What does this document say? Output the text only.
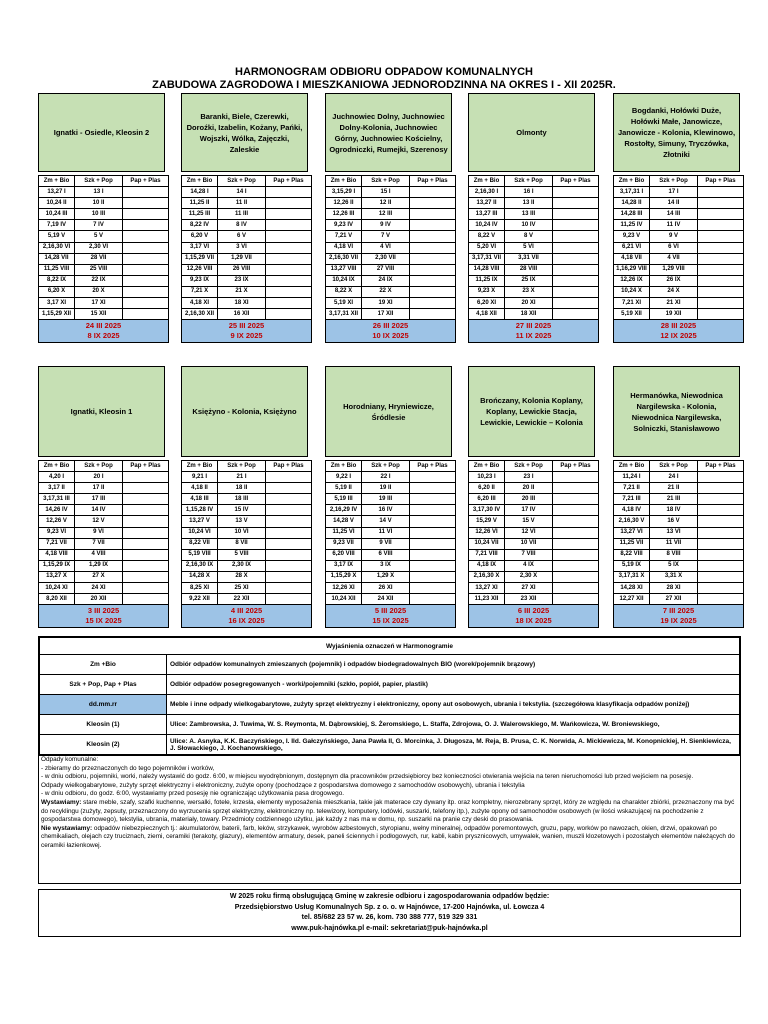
HARMONOGRAM ODBIORU ODPADOW KOMUNALNYCH
ZABUDOWA ZAGRODOWA I MIESZKANIOWA JEDNORODZINNA NA OKRES I - XII 2025R.
Ignatki - Osiedle, Kleosin 2
Zm + Bio	Szk + Pop	Pap + Plas
13,27 I	13 I	
10,24 II	10 II	
10,24 III	10 III	
7,19 IV	7 IV	
5,19 V	5 V	
2,16,30 VI	2,30 VI	
14,28 VII	28 VII	
11,25 VIII	25 VIII	
8,22 IX	22 IX	
6,20 X	20 X	
3,17 XI	17 XI	
1,15,29 XII	15 XII	

24 III 2025
8 IX 2025		
Baranki, Biele, Czerewki, Doroźki, Izabelin, Kożany, Pańki, Wojszki, Wólka, Zajęczki, Zaleskie
Zm + Bio	Szk + Pop	Pap + Plas
14,28 I	14 I	
11,25 II	11 II	
11,25 III	11 III	
8,22 IV	8 IV	
6,20 V	6 V	
3,17 VI	3 VI	
1,15,29 VII	1,29 VII	
12,26 VIII	26 VIII	
9,23 IX	23 IX	
7,21 X	21 X	
4,18 XI	18 XI	
2,16,30 XII	16 XII	

25 III 2025
9 IX 2025		
Juchnowiec Dolny, Juchnowiec Dolny-Kolonia, Juchnowiec Górny, Juchnowiec Kościelny, Ogrodniczki, Rumejki, Szerenosy
Zm + Bio	Szk + Pop	Pap + Plas
3,15,29 I	15 I	
12,26 II	12 II	
12,26 III	12 III	
9,23 IV	9 IV	
7,21 V	7 V	
4,18 VI	4 VI	
2,16,30 VII	2,30 VII	
13,27 VIII	27 VIII	
10,24 IX	24 IX	
8,22 X	22 X	
5,19 XI	19 XI	
3,17,31 XII	17 XII	

26 III 2025
10 IX 2025		
Olmonty
Zm + Bio	Szk + Pop	Pap + Plas
2,16,30 I	16 I	
13,27 II	13 II	
13,27 III	13 III	
10,24 IV	10 IV	
8,22 V	8 V	
5,20 VI	5 VI	
3,17,31 VII	3,31 VII	
14,28 VIII	28 VIII	
11,25 IX	25 IX	
9,23 X	23 X	
6,20 XI	20 XI	
4,18 XII	18 XII	

27 III 2025
11 IX 2025		
Bogdanki, Hołówki Duże, Hołówki Małe, Janowicze, Janowicze - Kolonia, Klewinowo, Rostołty, Simuny, Tryczówka, Złotniki
Zm + Bio	Szk + Pop	Pap + Plas
3,17,31 I	17 I	
14,28 II	14 II	
14,28 III	14 III	
11,25 IV	11 IV	
9,23 V	9 V	
6,21 VI	6 VI	
4,18 VII	4 VII	
1,16,29 VIII	1,29 VIII	
12,26 IX	26 IX	
10,24 X	24 X	
7,21 XI	21 XI	
5,19 XII	19 XII	

28 III 2025
12 IX 2025		
Ignatki, Kleosin 1
Zm + Bio	Szk + Pop	Pap + Plas
4,20 I	20 I	
3,17 II	17 II	
3,17,31 III	17 III	
14,26 IV	14 IV	
12,26 V	12 V	
9,23 VI	9 VI	
7,21 VII	7 VII	
4,18 VIII	4 VIII	
1,15,29 IX	1,29 IX	
13,27 X	27 X	
10,24 XI	24 XI	
8,20 XII	20 XII	

3 III 2025
15 IX 2025		
Księżyno - Kolonia, Księżyno
Zm + Bio	Szk + Pop	Pap + Plas
9,21 I	21 I	
4,18 II	18 II	
4,18 III	18 III	
1,15,28 IV	15 IV	
13,27 V	13 V	
10,24 VI	10 VI	
8,22 VII	8 VII	
5,19 VIII	5 VIII	
2,16,30 IX	2,30 IX	
14,28 X	28 X	
8,25 XI	25 XI	
9,22 XII	22 XII	

4 III 2025
16 IX 2025		
Horodniany, Hryniewicze, Śródlesie
Zm + Bio	Szk + Pop	Pap + Plas
9,22 I	22 I	
5,19 II	19 II	
5,19 III	19 III	
2,16,29 IV	16 IV	
14,28 V	14 V	
11,25 VI	11 VI	
9,23 VII	9 VII	
6,20 VIII	6 VIII	
3,17 IX	3 IX	
1,15,29 X	1,29 X	
12,26 XI	26 XI	
10,24 XII	24 XII	

5 III 2025
15 IX 2025		
Brończany, Kolonia Koplany, Koplany, Lewickie Stacja, Lewickie, Lewickie – Kolonia
Zm + Bio	Szk + Pop	Pap + Plas
10,23 I	23 I	
6,20 II	20 II	
6,20 III	20 III	
3,17,30 IV	17 IV	
15,29 V	15 V	
12,26 VI	12 VI	
10,24 VII	10 VII	
7,21 VIII	7 VIII	
4,18 IX	4 IX	
2,16,30 X	2,30 X	
13,27 XI	27 XI	
11,23 XII	23 XII	

6 III 2025
18 IX 2025		
Hermanówka, Niewodnica Nargilewska - Kolonia, Niewodnica Nargilewska, Solniczki, Stanisławowo
Zm + Bio	Szk + Pop	Pap + Plas
11,24 I	24 I	
7,21 II	21 II	
7,21 III	21 III	
4,18 IV	18 IV	
2,16,30 V	16 V	
13,27 VI	13 VI	
11,25 VII	11 VII	
8,22 VIII	8 VIII	
5,19 IX	5 IX	
3,17,31 X	3,31 X	
14,28 XI	28 XI	
12,27 XII	27 XII	

7 III 2025
19 IX 2025		
Wyjaśnienia oznaczeń w Harmonogramie	
Zm +Bio	Odbiór odpadów komunalnych zmieszanych (pojemnik) i odpadów biodegradowalnych BIO (worek/pojemnik brązowy)
Szk + Pop, Pap + Plas	Odbiór odpadów posegregowanych - worki/pojemniki (szkło, popiół, papier, plastik)
dd.mm.rr	Meble i inne odpady wielkogabarytowe, zużyty sprzęt elektryczny i elektroniczny, opony aut osobowych, ubrania i tekstylia. (szczegółowa klasyfikacja odpadów poniżej)
Kleosin (1)	Ulice: Zambrowska, J. Tuwima, W. S. Reymonta, M. Dąbrowskiej, S. Żeromskiego, L. Staffa, Zdrojowa, O. J. Walerowskiego, M. Wańkowicza, W. Broniewskiego,
Kleosin (2)	Ulice: A. Asnyka, K.K. Baczyńskiego, I. Ild. Gałczyńskiego, Jana Pawła II, G. Morcinka, J. Długosza, M. Reja, B. Prusa, C. K. Norwida, A. Mickiewicza, M. Konopnickiej, H. Sienkiewicza, J. Słowackiego, J. Kochanowskiego,
Odpady komunalne:
- zbieramy do przeznaczonych do tego pojemników i worków,
- w dniu odbioru, pojemniki, worki, należy wystawić do godz. 6:00, w miejscu wyodrębnionym, dostępnym dla pracowników przedsiębiorcy bez konieczności otwierania wejścia na teren nieruchomości lub przed wejściem na posesję.
Odpady wielkogabarytowe, zużyty sprzęt elektryczny i elektroniczny, zużyte opony (pochodzące z gospodarstwa domowego z samochodów osobowych), ubrania i tekstylia
- w dniu odbioru, do godz. 6:00, wystawiamy przed posesję nie ograniczając użytkowania pasa drogowego.
Wystawiamy: stare meble, szafy, szafki kuchenne, wersalki, fotele, krzesła, elementy wyposażenia mieszkania, takie jak materace czy dywany itp. oraz kompletny, nierozebrany sprzęt, który ze względu na charakter zbiórki, przeznaczony ma być do recyklingu (zużyty, zepsuty, przeznaczony do wyrzucenia sprzęt elektryczny, elektroniczny np. telewizory, komputery, lodówki, suszarki, telefony itp.), zużyte opony od samochodów osobowych (w ilości wskazującej na pochodzenie z gospodarstwa domowego), tekstylia, ubrania, materiały, towary. Przedmioty codziennego użytku, jak każdy z nas ma w domu, np. suszarki na pranie czy deski do prasowania.
Nie wystawiamy: odpadów niebezpiecznych tj.: akumulatorów, baterii, farb, leków, strzykawek, wyrobów azbestowych, styropianu, wełny mineralnej, odpadów poremontowych, gruzu, papy, worków po nawozach, okien, drzwi, opakowań po chemikaliach, olejach czy truciznach, ziemi, ceramiki (terakoty, glazury), elementów armatury, desek, paneli ściennych i podłogowych, rur, kabli, kabin prysznicowych, umywalek, wanien, muszli klozetowych i pozostałych elementów należących do ceramiki łazienkowej.
W 2025 roku firmą obsługującą Gminę w zakresie odbioru i zagospodarowania odpadów będzie:
Przedsiębiorstwo Usług Komunalnych Sp. z o. o. w Hajnówce, 17-200 Hajnówka, ul. Łowcza 4
tel. 85/682 23 57 w. 26, kom. 730 388 777, 519 329 331
www.puk-hajnówka.pl e-mail: sekretariat@puk-hajnówka.pl
